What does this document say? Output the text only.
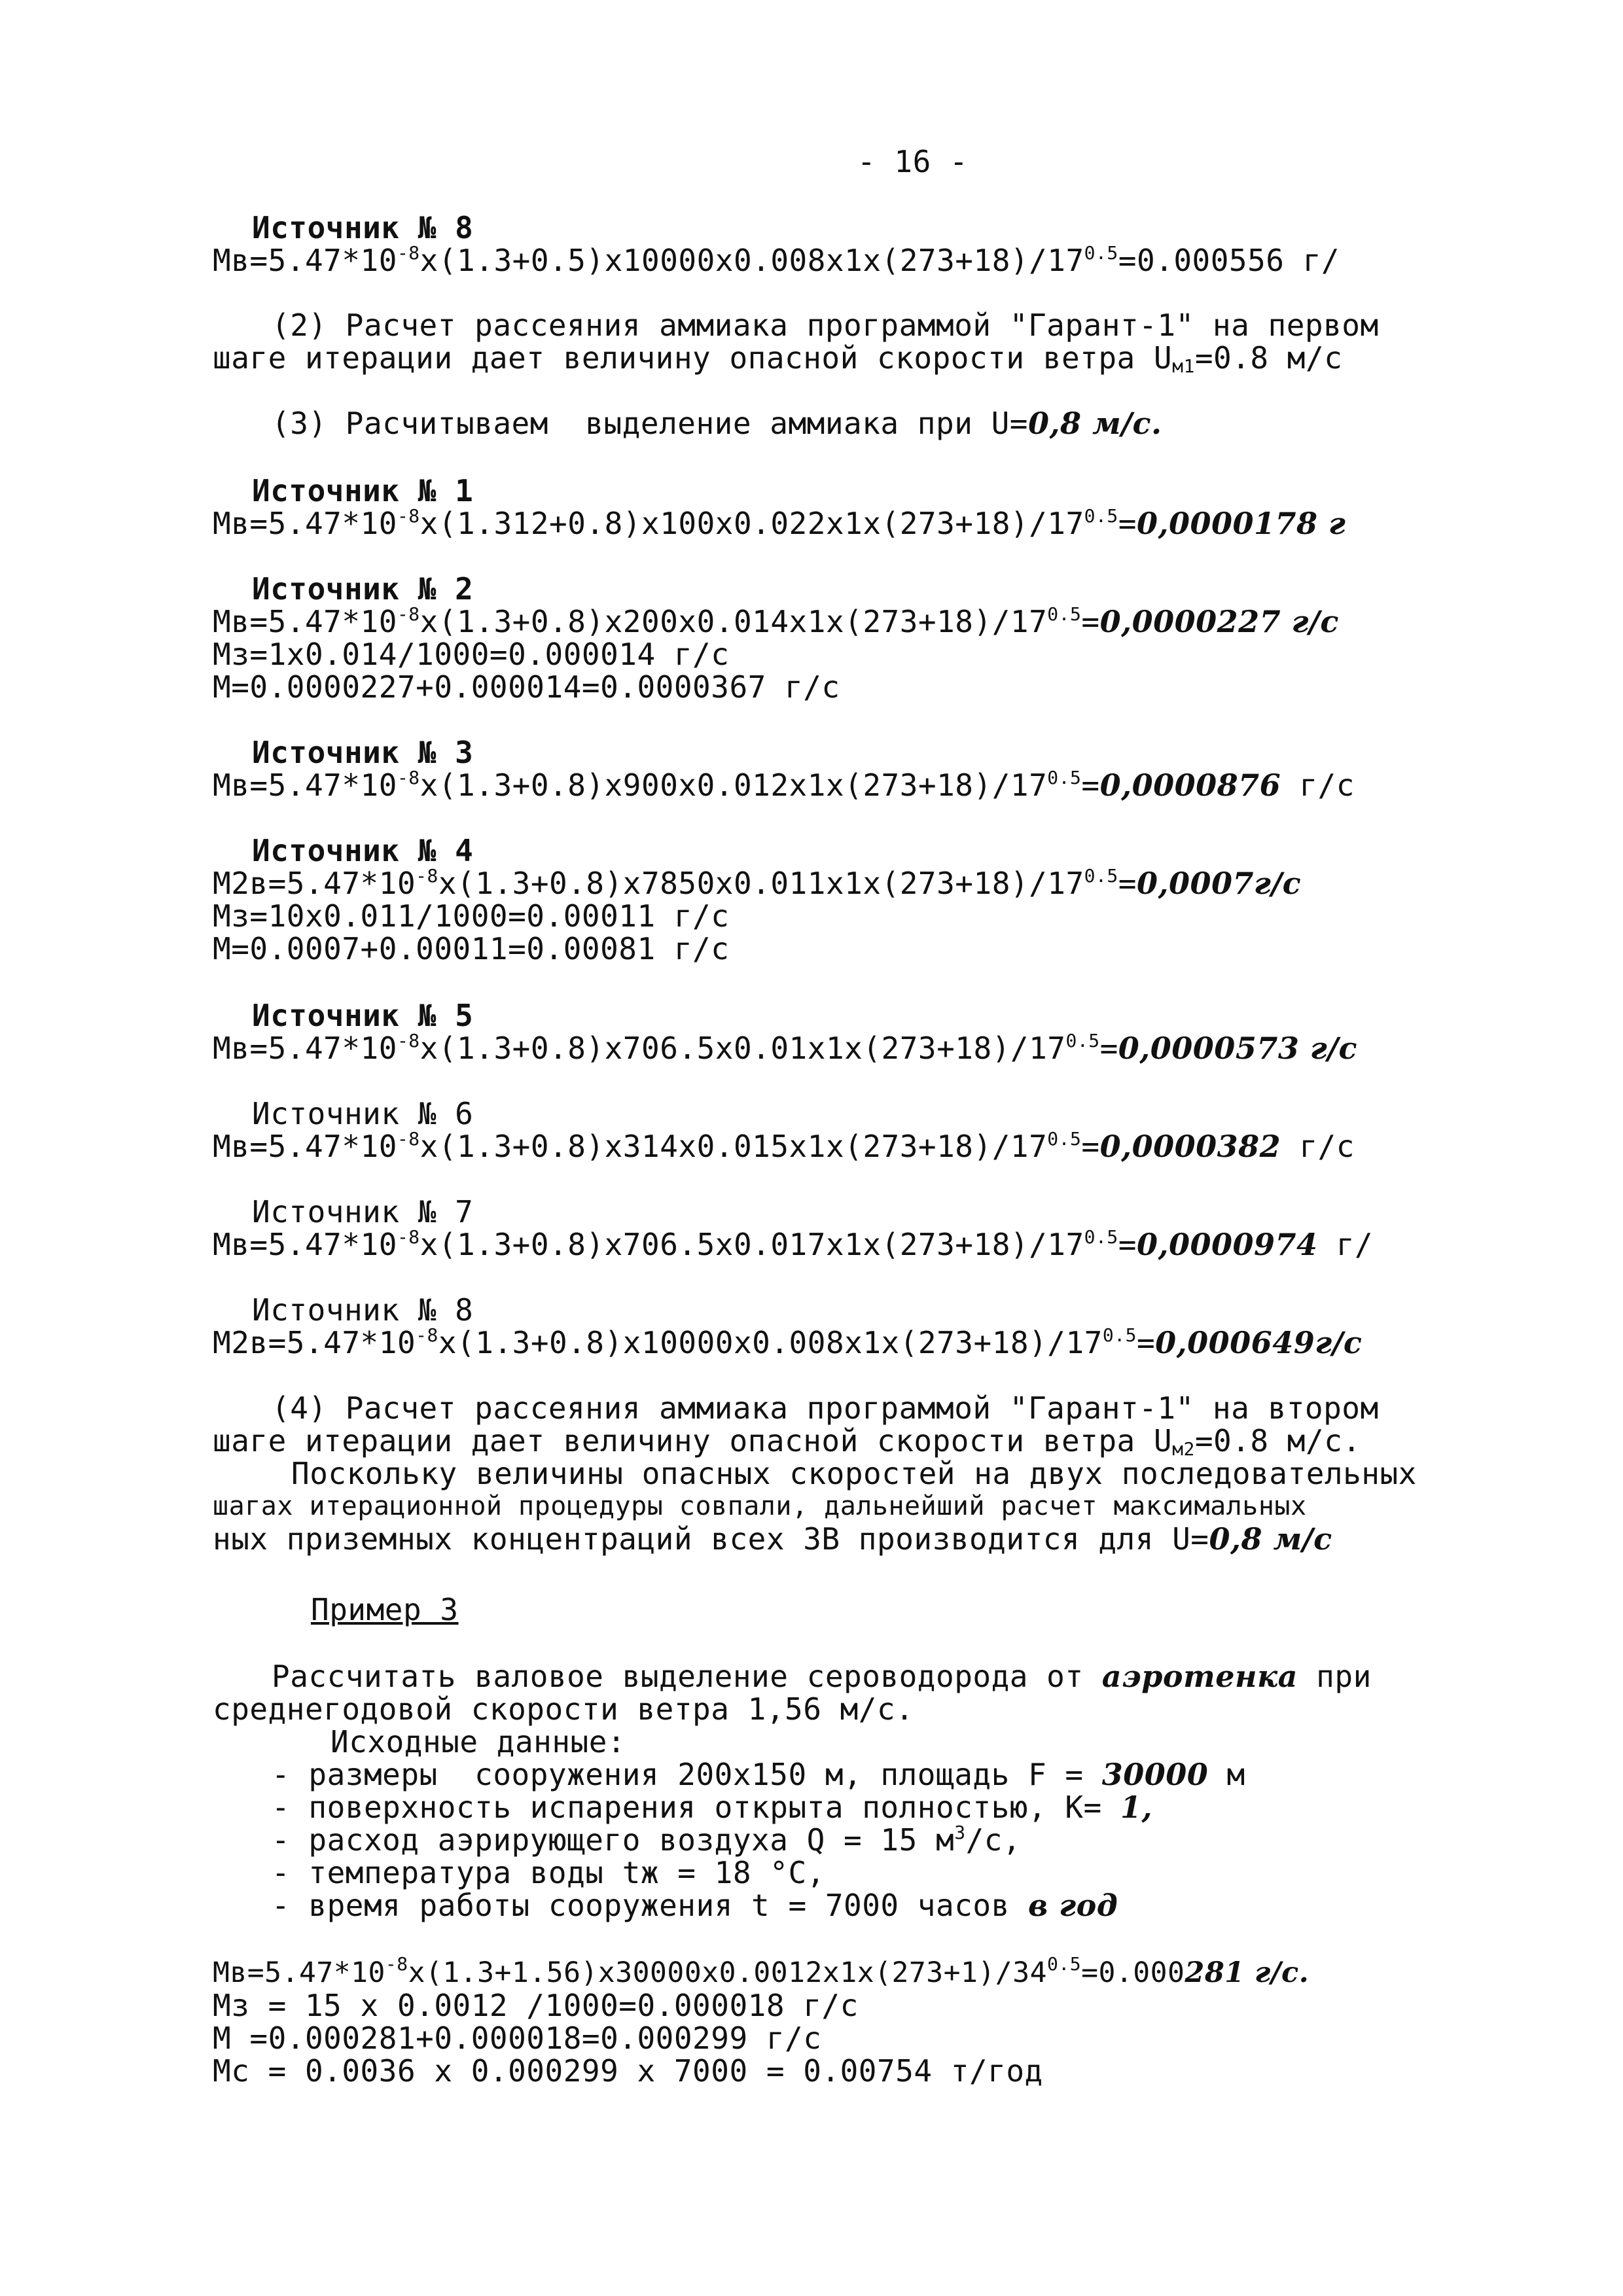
- 16 -
Источник № 8
$Mв=5.47*10^{-8}x(1.3+0.5)x10000x0.008x1x(273+18)/17^{0.5}=0.000556$ г/
(2) Расчет рассеяния аммиака программой "Гарант-1" на первом
шаге итерации дает величину опасной скорости ветра $U_{м1}=0.8$ м/с
(3) Расчитываем  выделение аммиака при U=0,8 м/с.
Источник № 1
$Mв=5.47*10^{-8}x(1.312+0.8)x100x0.022x1x(273+18)/17^{0.5}=0,0000178$ г
Источник № 2
$Mв=5.47*10^{-8}x(1.3+0.8)x200x0.014x1x(273+18)/17^{0.5}=0,0000227$ г/с
Mз=1x0.014/1000=0.000014 г/с
M=0.0000227+0.000014=0.0000367 г/с
Источник № 3
$Mв=5.47*10^{-8}x(1.3+0.8)x900x0.012x1x(273+18)/17^{0.5}=0,0000876$ г/с
Источник № 4
$M2в=5.47*10^{-8}x(1.3+0.8)x7850x0.011x1x(273+18)/17^{0.5}=0,0007г/с$
Mз=10x0.011/1000=0.00011 г/с
M=0.0007+0.00011=0.00081 г/с
Источник № 5
$Mв=5.47*10^{-8}x(1.3+0.8)x706.5x0.01x1x(273+18)/17^{0.5}=0,0000573$ г/с
Источник № 6
$Mв=5.47*10^{-8}x(1.3+0.8)x314x0.015x1x(273+18)/17^{0.5}=0,0000382$ г/с
Источник № 7
$Mв=5.47*10^{-8}x(1.3+0.8)x706.5x0.017x1x(273+18)/17^{0.5}=0,0000974$ г/
Источник № 8
$M2в=5.47*10^{-8}x(1.3+0.8)x10000x0.008x1x(273+18)/17^{0.5}=0,000649г/с$
(4) Расчет рассеяния аммиака программой "Гарант-1" на втором
шаге итерации дает величину опасной скорости ветра $U_{м2}=0.8$ м/с.
Поскольку величины опасных скоростей на двух последовательных
шагах итерационной процедуры совпали, дальнейший расчет максимальных
ных приземных концентраций всех ЗВ производится для U=0,8 м/с
Пример 3
Рассчитать валовое выделение сероводорода от аэротенка при
среднегодовой скорости ветра 1,56 м/с.
Исходные данные:
- размеры  сооружения 200x150 м, площадь F = 30000 м
- поверхность испарения открыта полностью, K= 1,
- расход аэрирующего воздуха Q = 15 $м^3/с$,
- температура воды tж = 18 °С,
- время работы сооружения t = 7000 часов в год
$Mв=5.47*10^{-8}x(1.3+1.56)x30000x0.0012x1x(273+1)/34^{0.5}=0.000281$ г/с.
Mз = 15 x 0.0012 /1000=0.000018 г/с
M =0.000281+0.000018=0.000299 г/с
Mc = 0.0036 x 0.000299 x 7000 = 0.00754 т/год
